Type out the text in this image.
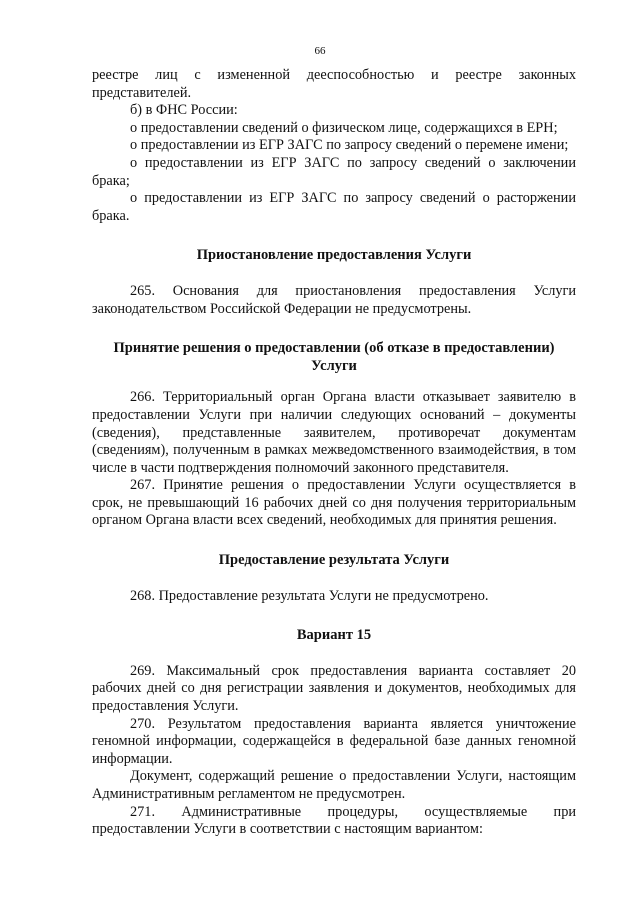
66

реестре лиц с измененной дееспособностью и реестре законных представителей.

б) в ФНС России:

о предоставлении сведений о физическом лице, содержащихся в ЕРН;

о предоставлении из ЕГР ЗАГС по запросу сведений о перемене имени;

о предоставлении из ЕГР ЗАГС по запросу сведений о заключении брака;

о предоставлении из ЕГР ЗАГС по запросу сведений о расторжении брака.

Приостановление предоставления Услуги

265. Основания для приостановления предоставления Услуги законодательством Российской Федерации не предусмотрены.

Принятие решения о предоставлении (об отказе в предоставлении) Услуги

266. Территориальный орган Органа власти отказывает заявителю в предоставлении Услуги при наличии следующих оснований – документы (сведения), представленные заявителем, противоречат документам (сведениям), полученным в рамках межведомственного взаимодействия, в том числе в части подтверждения полномочий законного представителя.

267. Принятие решения о предоставлении Услуги осуществляется в срок, не превышающий 16 рабочих дней со дня получения территориальным органом Органа власти всех сведений, необходимых для принятия решения.

Предоставление результата Услуги

268. Предоставление результата Услуги не предусмотрено.

Вариант 15

269. Максимальный срок предоставления варианта составляет 20 рабочих дней со дня регистрации заявления и документов, необходимых для предоставления Услуги.

270. Результатом предоставления варианта является уничтожение геномной информации, содержащейся в федеральной базе данных геномной информации.

Документ, содержащий решение о предоставлении Услуги, настоящим Административным регламентом не предусмотрен.

271. Административные процедуры, осуществляемые при предоставлении Услуги в соответствии с настоящим вариантом:
